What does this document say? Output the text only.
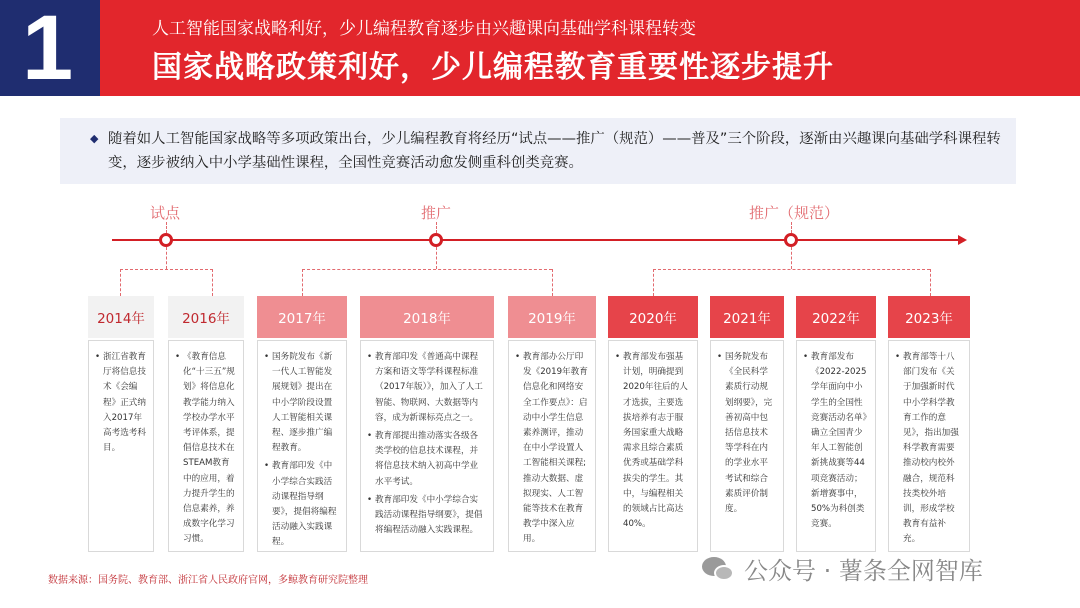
1	人工智能国家战略利好，少儿编程教育逐步由兴趣课向基础学科课程转变
国家战略政策利好，少儿编程教育重要性逐步提升
◆ 随着如人工智能国家战略等多项政策出台，少儿编程教育将经历“试点——推广（规范）——普及”三个阶段，逐渐由兴趣课向基础学科课程转变，逐步被纳入中小学基础性课程，全国性竞赛活动愈发侧重科创类竞赛。
试点	推广	推广（规范）
2014年
• 浙江省教育厅将信息技术《会编程》正式纳入2017年高考选考科目。
2016年
• 《教育信息化“十三五”规划》将信息化教学能力纳入学校办学水平考评体系，提倡信息技术在STEAM教育中的应用，着力提升学生的信息素养，养成数字化学习习惯。
2017年
• 国务院发布《新一代人工智能发展规划》提出在中小学阶段设置人工智能相关课程、逐步推广编程教育。
• 教育部印发《中小学综合实践活动课程指导纲要》，提倡将编程活动融入实践课程。
2018年
• 教育部印发《普通高中课程方案和语文等学科课程标准（2017年版）》，加入了人工智能、物联网、大数据等内容，成为新课标亮点之一。
• 教育部提出推动落实各级各类学校的信息技术课程，并将信息技术纳入初高中学业水平考试。
• 教育部印发《中小学综合实践活动课程指导纲要》，提倡将编程活动融入实践课程。
2019年
• 教育部办公厅印发《2019年教育信息化和网络安全工作要点》：启动中小学生信息素养测评，推动在中小学设置人工智能相关课程;推动大数据、虚拟现实、人工智能等技术在教育教学中深入应用。
2020年
• 教育部发布强基计划，明确提到2020年往后的人才选拔，主要选拔培养有志于服务国家重大战略需求且综合素质优秀或基础学科拔尖的学生。其中，与编程相关的领域占比高达40%。
2021年
• 国务院发布《全民科学素质行动规划纲要》，完善初高中包括信息技术等学科在内的学业水平考试和综合素质评价制度。
2022年
• 教育部发布《2022-2025学年面向中小学生的全国性竞赛活动名单》确立全国青少年人工智能创新挑战赛等44项竞赛活动；新增赛事中，50%为科创类竞赛。
2023年
• 教育部等十八部门发布《关于加强新时代中小学科学教育工作的意见》，指出加强科学教育需要推动校内校外融合，规范科技类校外培训，形成学校教育有益补充。
数据来源：国务院、教育部、浙江省人民政府官网，多鲸教育研究院整理	公众号 · 薯条全网智库
